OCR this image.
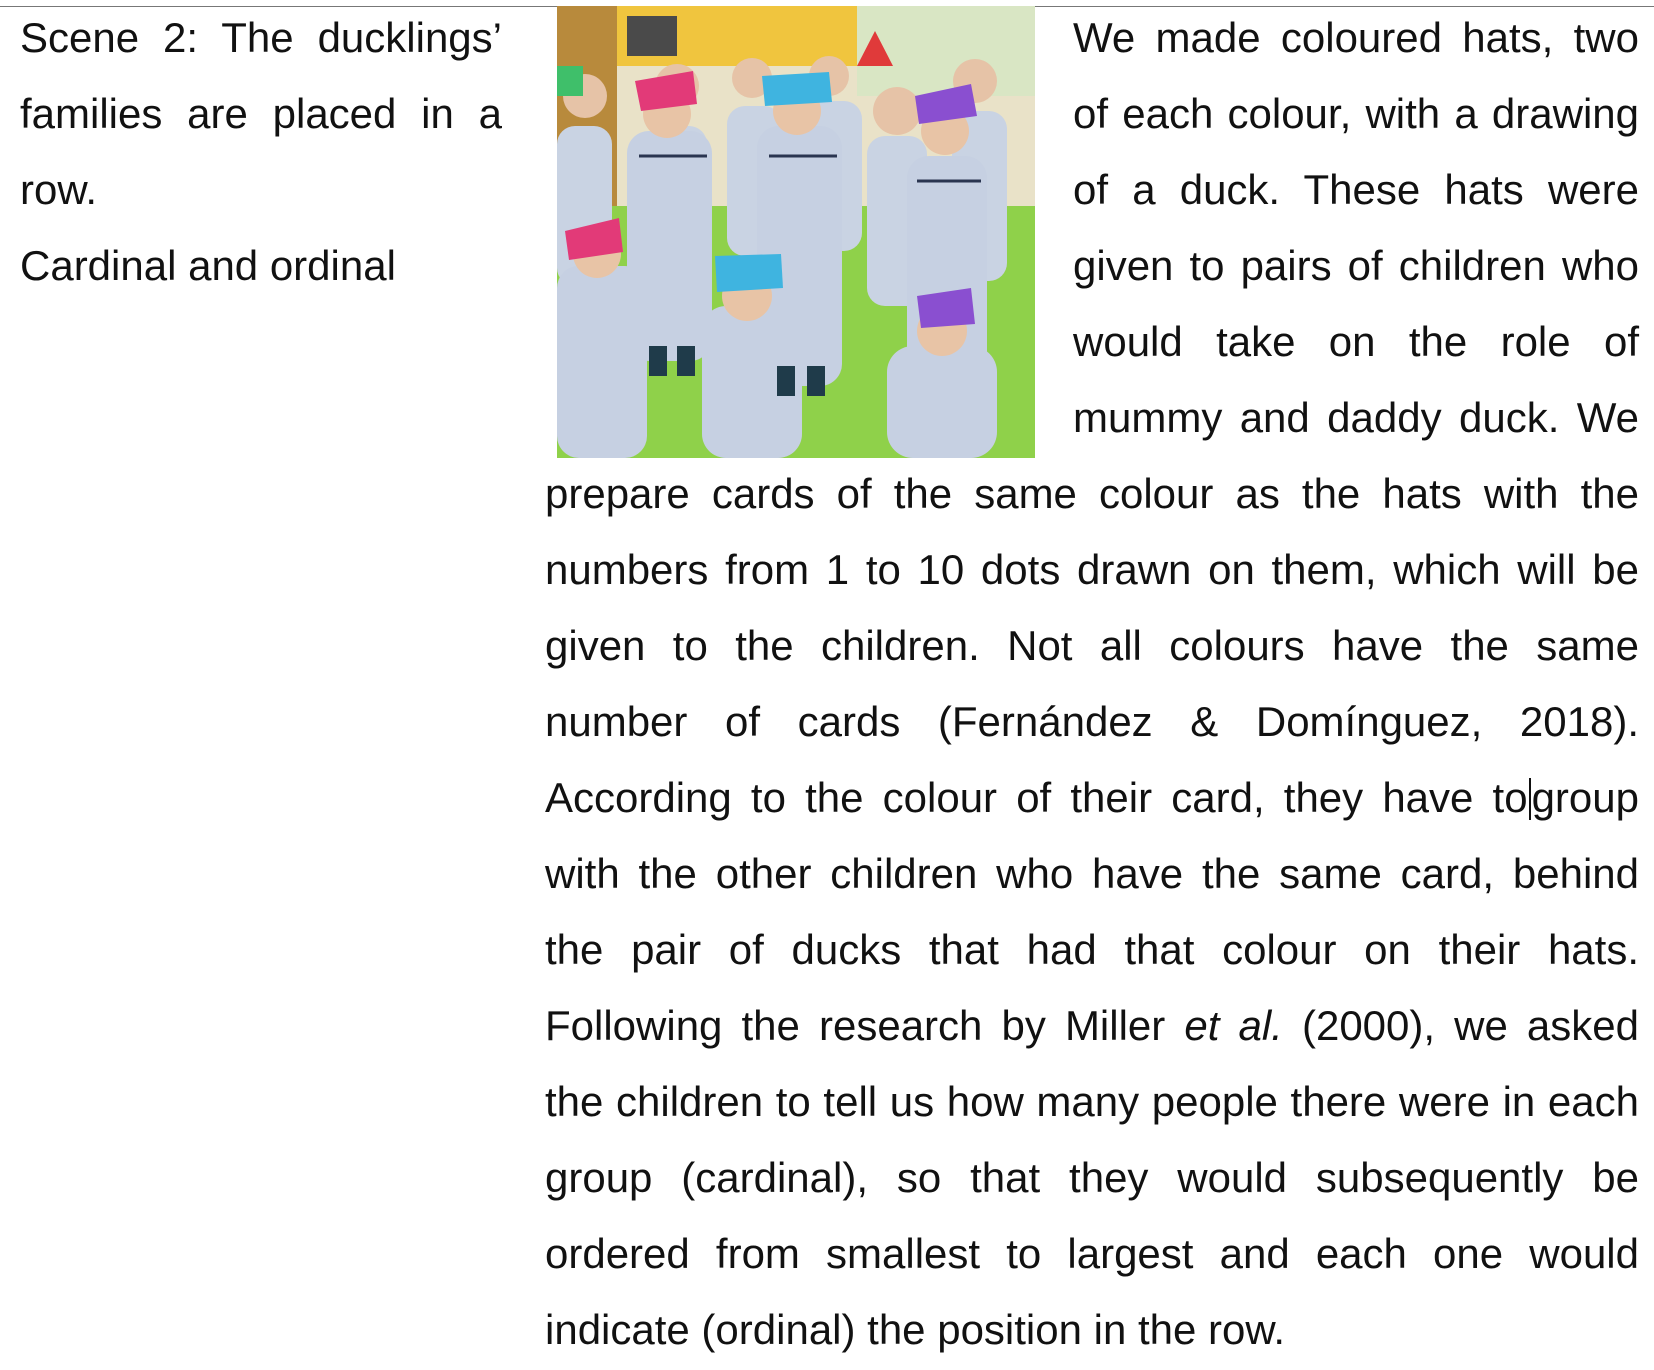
Scene 2: The ducklings’
families are placed in a
row.
Cardinal and ordinal
We made coloured hats, two
of each colour, with a drawing
of a duck. These hats were
given to pairs of children who
would take on the role of
mummy and daddy duck. We
prepare cards of the same colour as the hats with the
numbers from 1 to 10 dots drawn on them, which will be
given to the children. Not all colours have the same
number of cards (Fernández & Domínguez, 2018).
According to the colour of their card, they have togroup
with the other children who have the same card, behind
the pair of ducks that had that colour on their hats.
Following the research by Miller et al. (2000), we asked
the children to tell us how many people there were in each
group (cardinal), so that they would subsequently be
ordered from smallest to largest and each one would
indicate (ordinal) the position in the row.
